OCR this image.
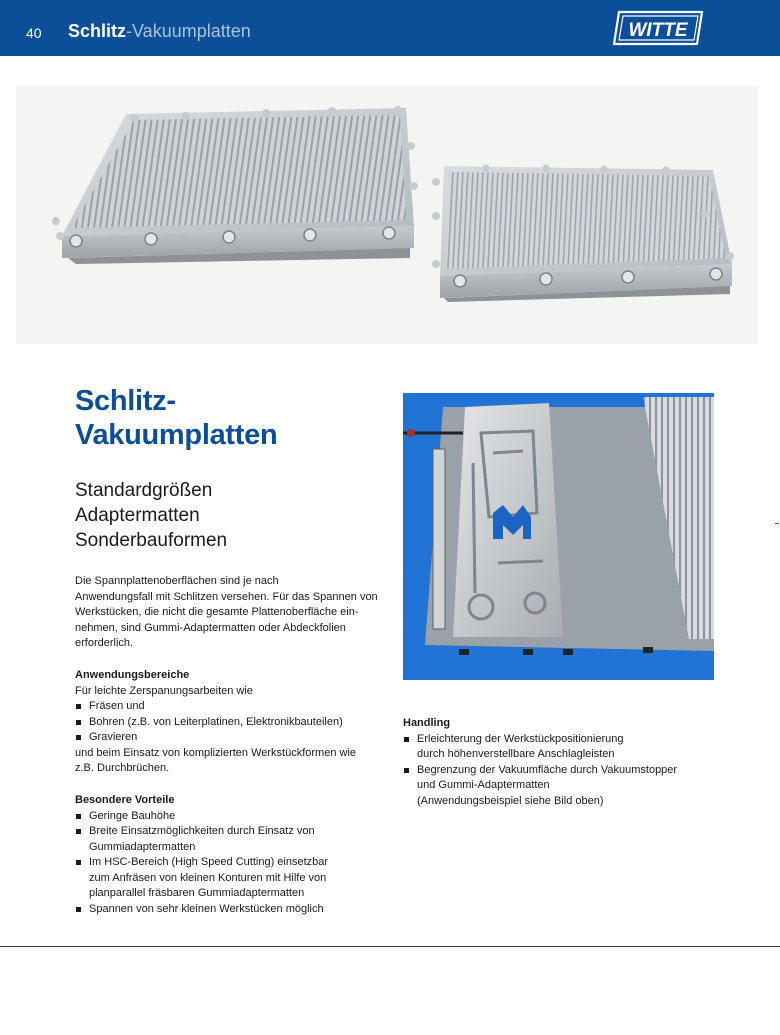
40 Schlitz-Vakuumplatten	WITTE
Schlitz-
Vakuumplatten
Standardgrößen
Adaptermatten
Sonderbauformen
Die Spannplattenoberflächen sind je nach
Anwendungsfall mit Schlitzen versehen. Für das Spannen von
Werkstücken, die nicht die gesamte Plattenoberfläche ein-
nehmen, sind Gummi-Adaptermatten oder Abdeckfolien
erforderlich.
Anwendungsbereiche
Für leichte Zerspanungsarbeiten wie
Fräsen und
Bohren (z.B. von Leiterplatinen, Elektronikbauteilen)
Gravieren
und beim Einsatz von komplizierten Werkstückformen wie
z.B. Durchbrüchen.
Besondere Vorteile
Geringe Bauhöhe
Breite Einsatzmöglichkeiten durch Einsatz von
Gummiadaptermatten
Im HSC-Bereich (High Speed Cutting) einsetzbar
zum Anfräsen von kleinen Konturen mit Hilfe von
planparallel fräsbaren Gummiadaptermatten
Spannen von sehr kleinen Werkstücken möglich
Handling
Erleichterung der Werkstückpositionierung
durch höhenverstellbare Anschlagleisten
Begrenzung der Vakuumfläche durch Vakuumstopper
und Gummi-Adaptermatten
(Anwendungsbeispiel siehe Bild oben)
